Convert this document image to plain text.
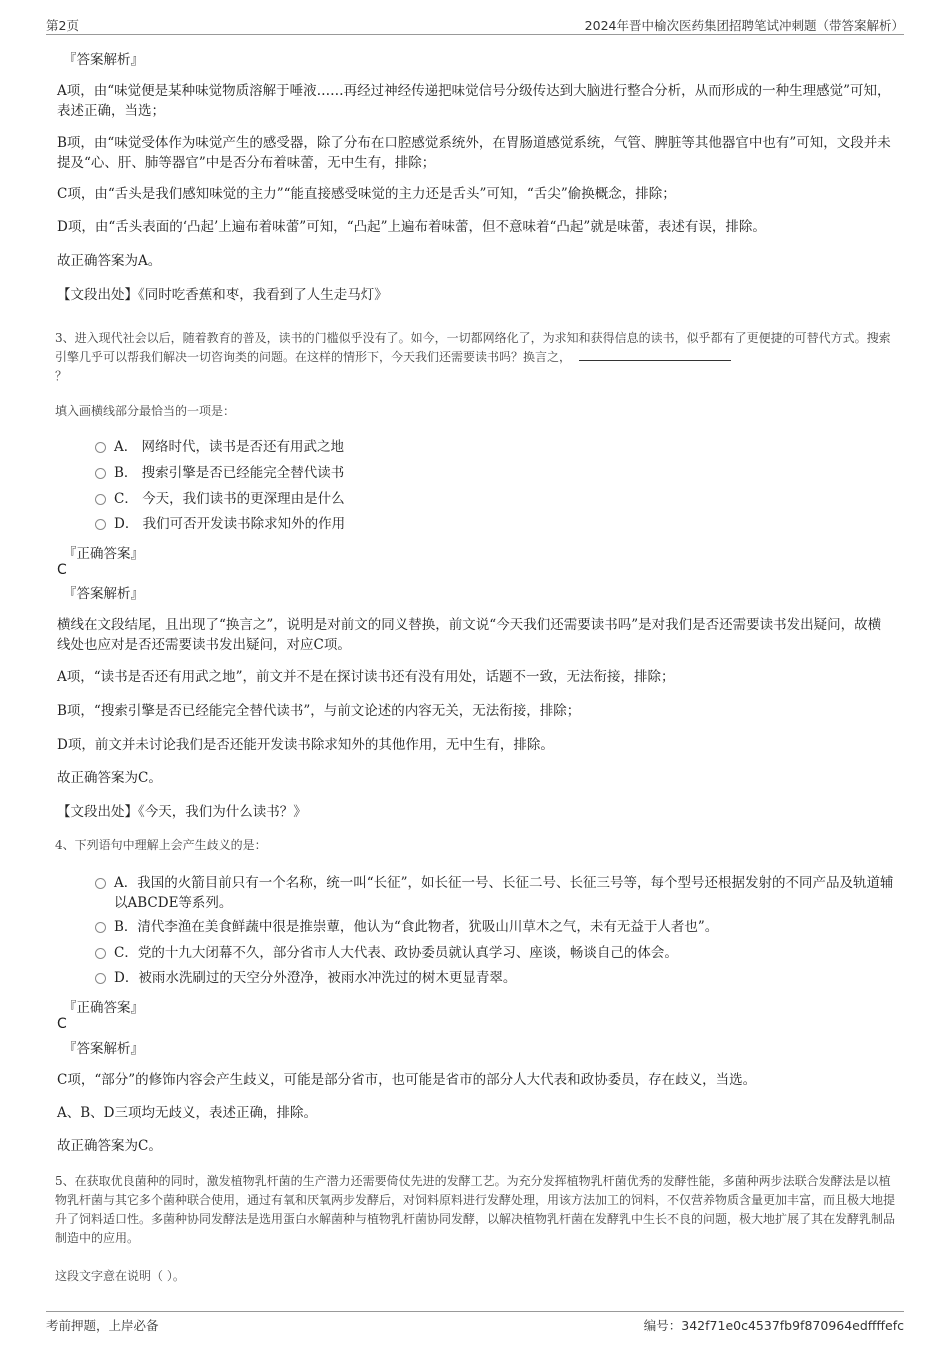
第2页	2024年晋中榆次医药集团招聘笔试冲刺题（带答案解析）
『答案解析』
A项，由“味觉便是某种味觉物质溶解于唾液……再经过神经传递把味觉信号分级传达到大脑进行整合分析，从而形成的一种生理感觉”可知，表述正确，当选；
B项，由“味觉受体作为味觉产生的感受器，除了分布在口腔感觉系统外，在胃肠道感觉系统，气管、脾脏等其他器官中也有”可知，文段并未提及“心、肝、肺等器官”中是否分布着味蕾，无中生有，排除；
C项，由“舌头是我们感知味觉的主力”“能直接感受味觉的主力还是舌头”可知，“舌尖”偷换概念，排除；
D项，由“舌头表面的‘凸起’上遍布着味蕾”可知，“凸起”上遍布着味蕾，但不意味着“凸起”就是味蕾，表述有误，排除。
故正确答案为A。
【文段出处】《同时吃香蕉和枣，我看到了人生走马灯》
3、进入现代社会以后，随着教育的普及，读书的门槛似乎没有了。如今，一切都网络化了，为求知和获得信息的读书，似乎都有了更便捷的可替代方式。搜索引擎几乎可以帮我们解决一切咨询类的问题。在这样的情形下，今天我们还需要读书吗？换言之，
？
填入画横线部分最恰当的一项是：
A． 网络时代，读书是否还有用武之地
B． 搜索引擎是否已经能完全替代读书
C． 今天，我们读书的更深理由是什么
D． 我们可否开发读书除求知外的作用
『正确答案』
C
『答案解析』
横线在文段结尾，且出现了“换言之”，说明是对前文的同义替换，前文说“今天我们还需要读书吗”是对我们是否还需要读书发出疑问，故横线处也应对是否还需要读书发出疑问，对应C项。
A项，“读书是否还有用武之地”，前文并不是在探讨读书还有没有用处，话题不一致，无法衔接，排除；
B项，“搜索引擎是否已经能完全替代读书”，与前文论述的内容无关，无法衔接，排除；
D项，前文并未讨论我们是否还能开发读书除求知外的其他作用，无中生有，排除。
故正确答案为C。
【文段出处】《今天，我们为什么读书？》
4、下列语句中理解上会产生歧义的是：
A．我国的火箭目前只有一个名称，统一叫“长征”，如长征一号、长征二号、长征三号等，每个型号还根据发射的不同产品及轨道辅以ABCDE等系列。
B．清代李渔在美食鲜蔬中很是推崇蕈，他认为“食此物者，犹吸山川草木之气，未有无益于人者也”。
C．党的十九大闭幕不久，部分省市人大代表、政协委员就认真学习、座谈，畅谈自己的体会。
D．被雨水洗刷过的天空分外澄净，被雨水冲洗过的树木更显青翠。
『正确答案』
C
『答案解析』
C项，“部分”的修饰内容会产生歧义，可能是部分省市，也可能是省市的部分人大代表和政协委员，存在歧义，当选。
A、B、D三项均无歧义，表述正确，排除。
故正确答案为C。
5、在获取优良菌种的同时，激发植物乳杆菌的生产潜力还需要倚仗先进的发酵工艺。为充分发挥植物乳杆菌优秀的发酵性能，多菌种两步法联合发酵法是以植物乳杆菌与其它多个菌种联合使用，通过有氧和厌氧两步发酵后，对饲料原料进行发酵处理，用该方法加工的饲料，不仅营养物质含量更加丰富，而且极大地提升了饲料适口性。多菌种协同发酵法是选用蛋白水解菌种与植物乳杆菌协同发酵，以解决植物乳杆菌在发酵乳中生长不良的问题，极大地扩展了其在发酵乳制品制造中的应用。
这段文字意在说明（ ）。
考前押题，上岸必备	编号：342f71e0c4537fb9f870964edffffefc
